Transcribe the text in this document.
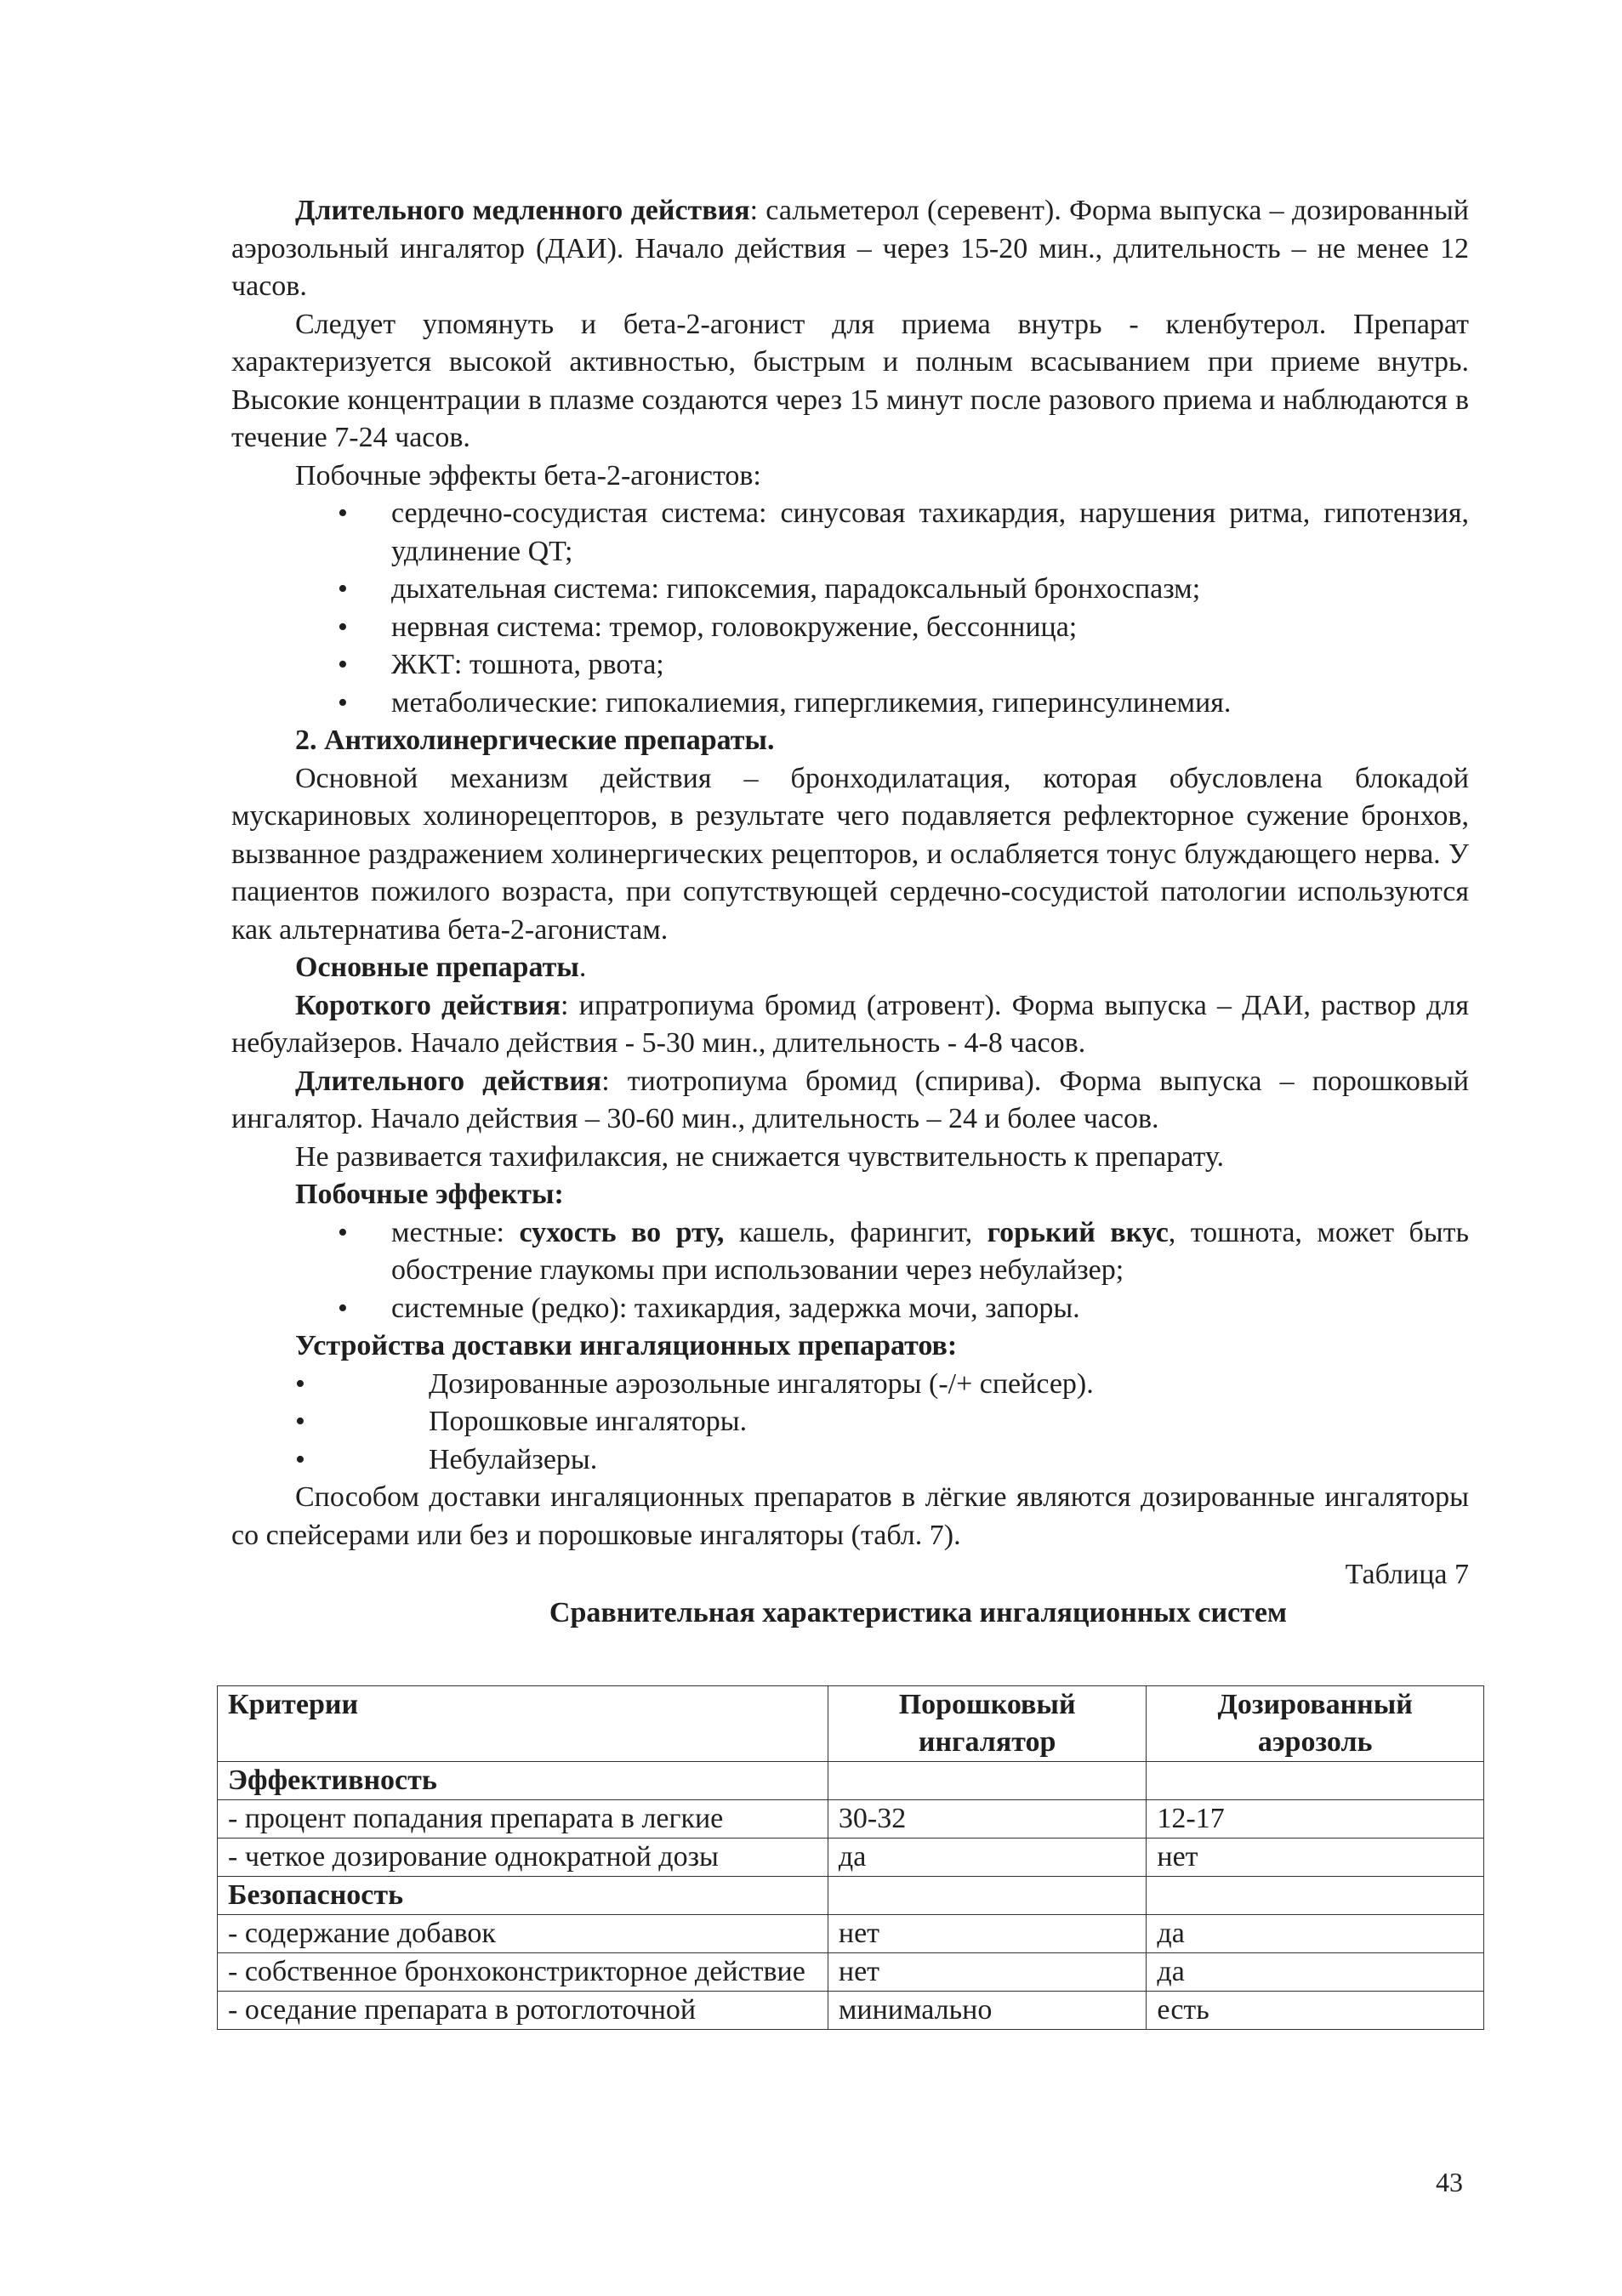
Длительного медленного действия: сальметерол (серевент). Форма выпуска – дозированный аэрозольный ингалятор (ДАИ). Начало действия – через 15-20 мин., длительность – не менее 12 часов.

Следует упомянуть и бета-2-агонист для приема внутрь - кленбутерол. Препарат характеризуется высокой активностью, быстрым и полным всасыванием при приеме внутрь. Высокие концентрации в плазме создаются через 15 минут после разового приема и наблюдаются в течение 7-24 часов.

Побочные эффекты бета-2-агонистов:

• сердечно-сосудистая система: синусовая тахикардия, нарушения ритма, гипотензия, удлинение QT;
• дыхательная система: гипоксемия, парадоксальный бронхоспазм;
• нервная система: тремор, головокружение, бессонница;
• ЖКТ: тошнота, рвота;
• метаболические: гипокалиемия, гипергликемия, гиперинсулинемия.

2. Антихолинергические препараты.

Основной механизм действия – бронходилатация, которая обусловлена блокадой мускариновых холинорецепторов, в результате чего подавляется рефлекторное сужение бронхов, вызванное раздражением холинергических рецепторов, и ослабляется тонус блуждающего нерва. У пациентов пожилого возраста, при сопутствующей сердечно-сосудистой патологии используются как альтернатива бета-2-агонистам.

Основные препараты.

Короткого действия: ипратропиума бромид (атровент). Форма выпуска – ДАИ, раствор для небулайзеров. Начало действия - 5-30 мин., длительность - 4-8 часов.

Длительного действия: тиотропиума бромид (спирива). Форма выпуска – порошковый ингалятор. Начало действия – 30-60 мин., длительность – 24 и более часов.

Не развивается тахифилаксия, не снижается чувствительность к препарату.

Побочные эффекты:

• местные: сухость во рту, кашель, фарингит, горький вкус, тошнота, может быть обострение глаукомы при использовании через небулайзер;
• системные (редко): тахикардия, задержка мочи, запоры.

Устройства доставки ингаляционных препаратов:

•	Дозированные аэрозольные ингаляторы (-/+ спейсер).
•	Порошковые ингаляторы.
•	Небулайзеры.

Способом доставки ингаляционных препаратов в лёгкие являются дозированные ингаляторы со спейсерами или без и порошковые ингаляторы (табл. 7).

Таблица 7

Сравнительная характеристика ингаляционных систем

Критерии	Порошковый ингалятор	Дозированный аэрозоль
Эффективность		
- процент попадания препарата в легкие	30-32	12-17
- четкое дозирование однократной дозы	да	нет
Безопасность		
- содержание добавок	нет	да
- собственное бронхоконстрикторное действие	нет	да
- оседание препарата в ротоглоточной	минимально	есть
43
